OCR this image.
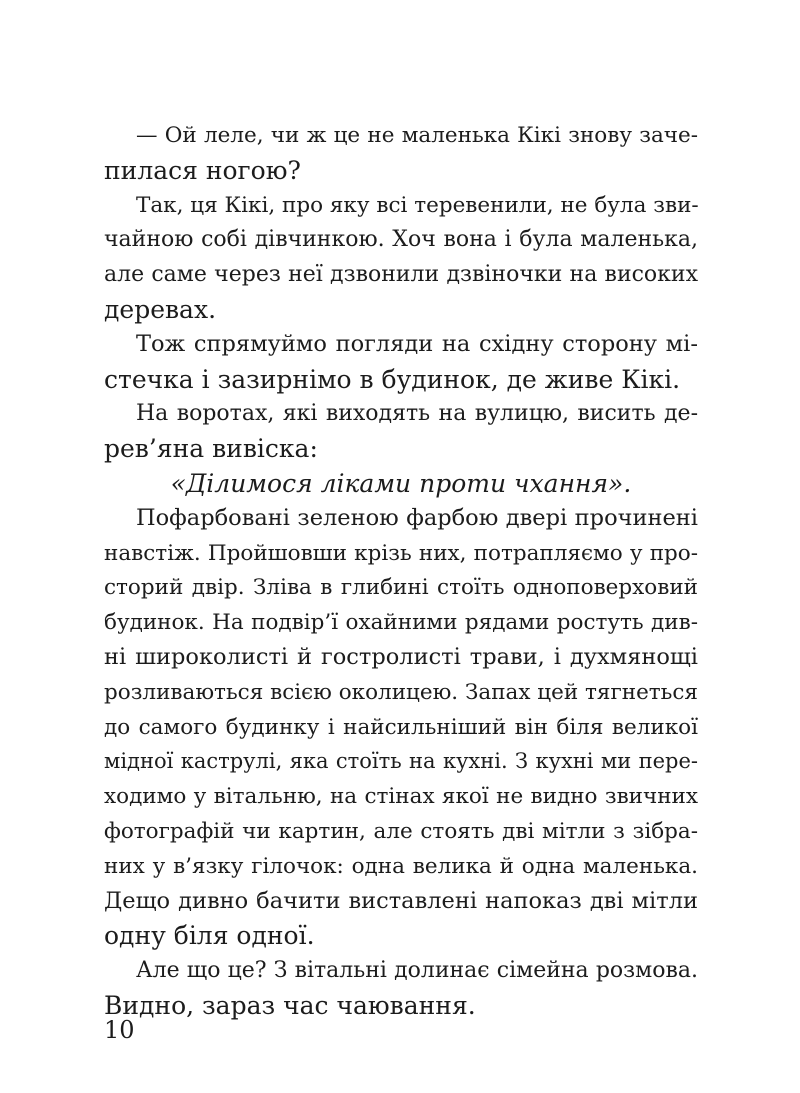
— Ой леле, чи ж це не маленька Кікі знову заче-
пилася ногою?
Так, ця Кікі, про яку всі теревенили, не була зви-
чайною собі дівчинкою. Хоч вона і була маленька,
але саме через неї дзвонили дзвіночки на високих
деревах.
Тож спрямуймо погляди на східну сторону мі-
стечка і зазирнімо в будинок, де живе Кікі.
На воротах, які виходять на вулицю, висить де-
рев’яна вивіска:
«Ділимося ліками проти чхання».
Пофарбовані зеленою фарбою двері прочинені
навстіж. Пройшовши крізь них, потрапляємо у про-
сторий двір. Зліва в глибині стоїть одноповерховий
будинок. На подвір’ї охайними рядами ростуть див-
ні широколисті й гостролисті трави, і духмянощі
розливаються всією околицею. Запах цей тягнеться
до самого будинку і найсильніший він біля великої
мідної каструлі, яка стоїть на кухні. З кухні ми пере-
ходимо у вітальню, на стінах якої не видно звичних
фотографій чи картин, але стоять дві мітли з зібра-
них у в’язку гілочок: одна велика й одна маленька.
Дещо дивно бачити виставлені напоказ дві мітли
одну біля одної.
Але що це? З вітальні долинає сімейна розмова.
Видно, зараз час чаювання.
10
